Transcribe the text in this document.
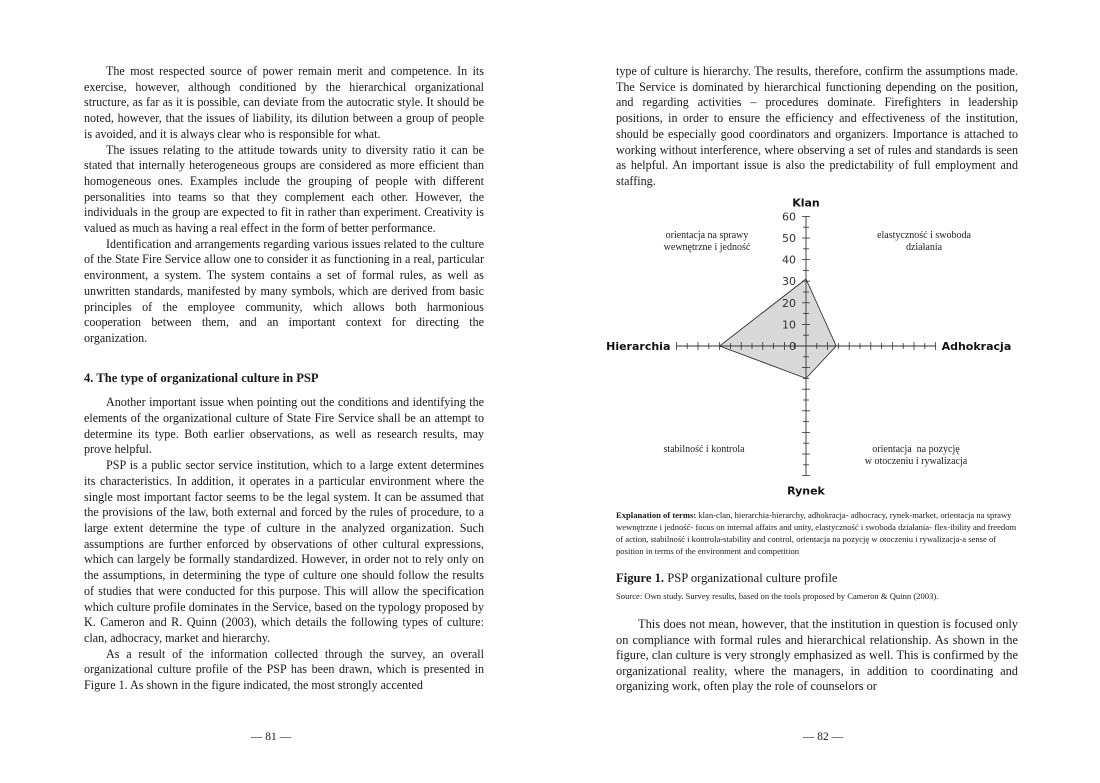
The most respected source of power remain merit and competence. In its exercise, however, although conditioned by the hierarchical organizational structure, as far as it is possible, can deviate from the autocratic style. It should be noted, however, that the issues of liability, its dilution between a group of people is avoided, and it is always clear who is responsible for what.

The issues relating to the attitude towards unity to diversity ratio it can be stated that internally heterogeneous groups are considered as more efficient than homogeneous ones. Examples include the grouping of people with different personalities into teams so that they complement each other. However, the individuals in the group are expected to fit in rather than experiment. Creativity is valued as much as having a real effect in the form of better performance.

Identification and arrangements regarding various issues related to the culture of the State Fire Service allow one to consider it as functioning in a real, particular environment, a system. The system contains a set of formal rules, as well as unwritten standards, manifested by many symbols, which are derived from basic principles of the employee community, which allows both harmonious cooperation between them, and an important context for directing the organization.

4. The type of organizational culture in PSP

Another important issue when pointing out the conditions and identifying the elements of the organizational culture of State Fire Service shall be an attempt to determine its type. Both earlier observations, as well as research results, may prove helpful.

PSP is a public sector service institution, which to a large extent determines its characteristics. In addition, it operates in a particular environment where the single most important factor seems to be the legal system. It can be assumed that the provisions of the law, both external and forced by the rules of procedure, to a large extent determine the type of culture in the analyzed organization. Such assumptions are further enforced by observations of other cultural expressions, which can largely be formally standardized. However, in order not to rely only on the assumptions, in determining the type of culture one should follow the results of studies that were conducted for this purpose. This will allow the specification which culture profile dominates in the Service, based on the typology proposed by K. Cameron and R. Quinn (2003), which details the following types of culture: clan, adhocracy, market and hierarchy.

As a result of the information collected through the survey, an overall organizational culture profile of the PSP has been drawn, which is presented in Figure 1. As shown in the figure indicated, the most strongly accented

— 81 —

type of culture is hierarchy. The results, therefore, confirm the assumptions made. The Service is dominated by hierarchical functioning depending on the position, and regarding activities – procedures dominate. Firefighters in leadership positions, in order to ensure the efficiency and effectiveness of the institution, should be especially good coordinators and organizers. Importance is attached to working without interference, where observing a set of rules and standards is seen as helpful. An important issue is also the predictability of full employment and staffing.

0
10
20
30
40
50
60
Klan
Adhokracja
Rynek
Hierarchia
orientacja na sprawy
wewnętrzne i jedność
elastyczność i swoboda
działania
stabilność i kontrola	orientacja  na pozycję
w otoczeniu i rywalizacja
Explanation of terms: klan-clan, hierarchia-hierarchy, adhokracja- adhocracy, rynek-market, orientacja na sprawy wewnętrzne i jedność- focus on internal affairs and unity, elastyczność i swoboda działania- flex-ibility and freedom of action, stabilność i kontrola-stability and control, orientacja na pozycję w otoczeniu i rywalizacja-a sense of position in terms of the environment and competition
Figure 1. PSP organizational culture profile
Source: Own study. Survey results, based on the tools proposed by Cameron & Quinn (2003).

This does not mean, however, that the institution in question is focused only on compliance with formal rules and hierarchical relationship. As shown in the figure, clan culture is very strongly emphasized as well. This is confirmed by the organizational reality, where the managers, in addition to coordinating and organizing work, often play the role of counselors or

— 82 —
